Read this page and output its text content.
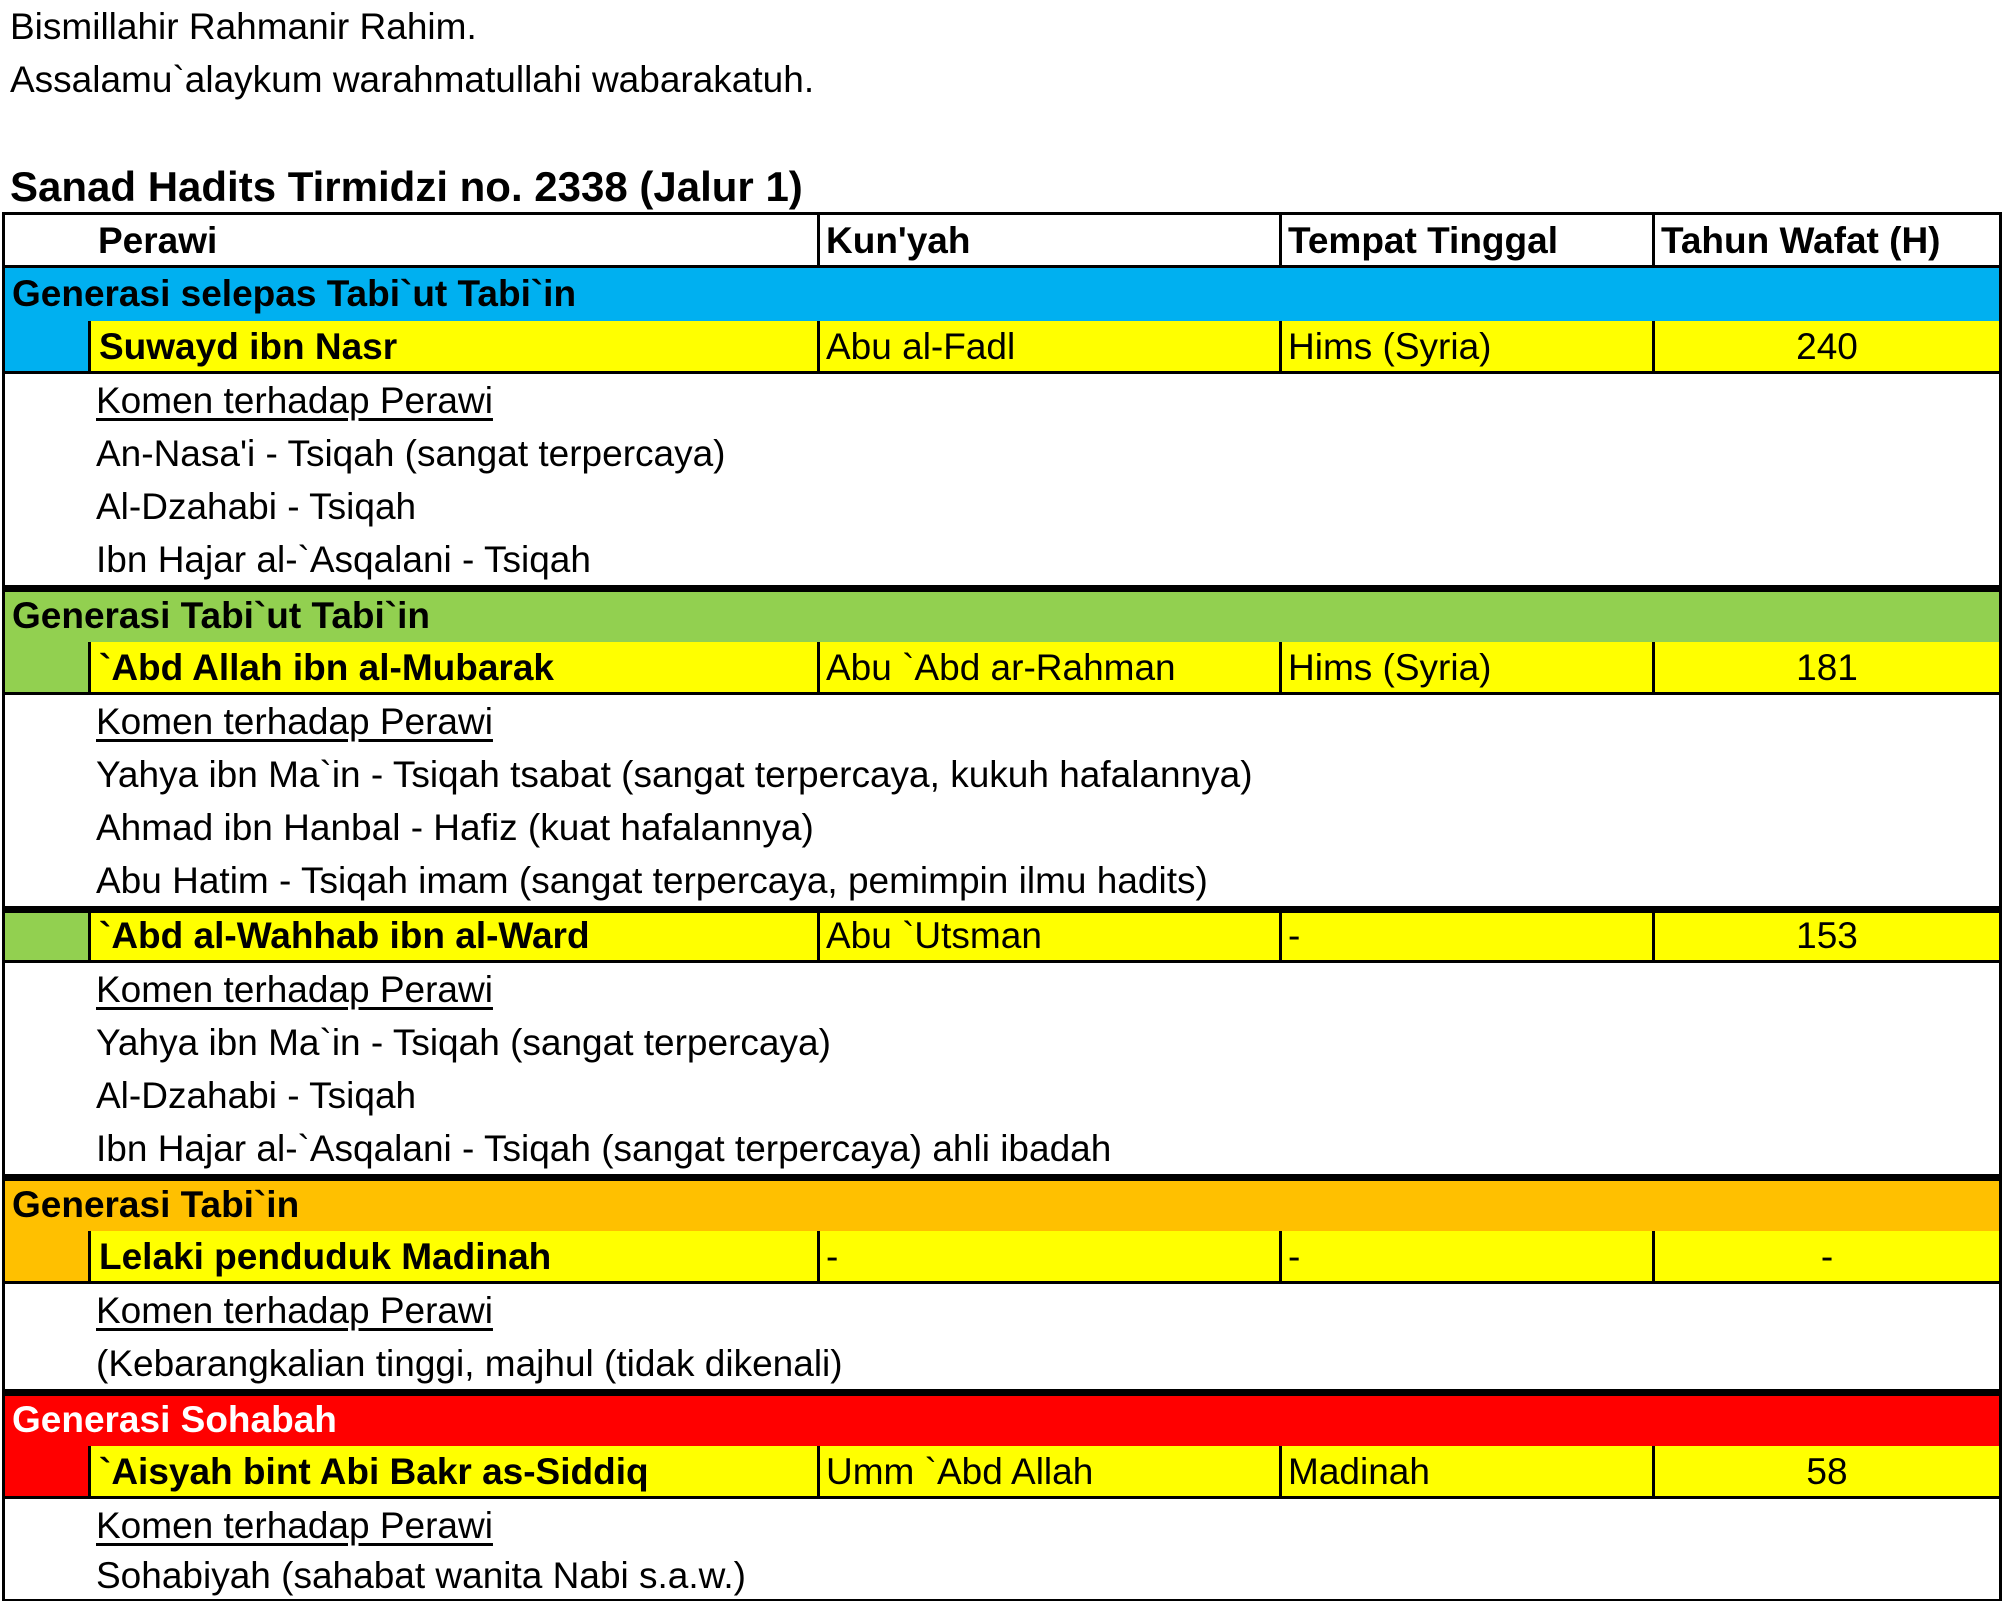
Bismillahir Rahmanir Rahim.
Assalamu`alaykum warahmatullahi wabarakatuh.
Sanad Hadits Tirmidzi no. 2338 (Jalur 1)
Perawi	Kun'yah	Tempat Tinggal	Tahun Wafat (H)
Generasi selepas Tabi`ut Tabi`in
Suwayd ibn Nasr	Abu al-Fadl	Hims (Syria)	240
Komen terhadap Perawi
An-Nasa'i - Tsiqah (sangat terpercaya)
Al-Dzahabi - Tsiqah
Ibn Hajar al-`Asqalani - Tsiqah
Generasi Tabi`ut Tabi`in
`Abd Allah ibn al-Mubarak	Abu `Abd ar-Rahman	Hims (Syria)	181
Komen terhadap Perawi
Yahya ibn Ma`in - Tsiqah tsabat (sangat terpercaya, kukuh hafalannya)
Ahmad ibn Hanbal - Hafiz (kuat hafalannya)
Abu Hatim - Tsiqah imam (sangat terpercaya, pemimpin ilmu hadits)
`Abd al-Wahhab ibn al-Ward	Abu `Utsman	-	153
Komen terhadap Perawi
Yahya ibn Ma`in - Tsiqah (sangat terpercaya)
Al-Dzahabi - Tsiqah
Ibn Hajar al-`Asqalani - Tsiqah (sangat terpercaya) ahli ibadah
Generasi Tabi`in
Lelaki penduduk Madinah	-	-	-
Komen terhadap Perawi
(Kebarangkalian tinggi, majhul (tidak dikenali)
Generasi Sohabah
`Aisyah bint Abi Bakr as-Siddiq	Umm `Abd Allah	Madinah	58
Komen terhadap Perawi
Sohabiyah (sahabat wanita Nabi s.a.w.)
